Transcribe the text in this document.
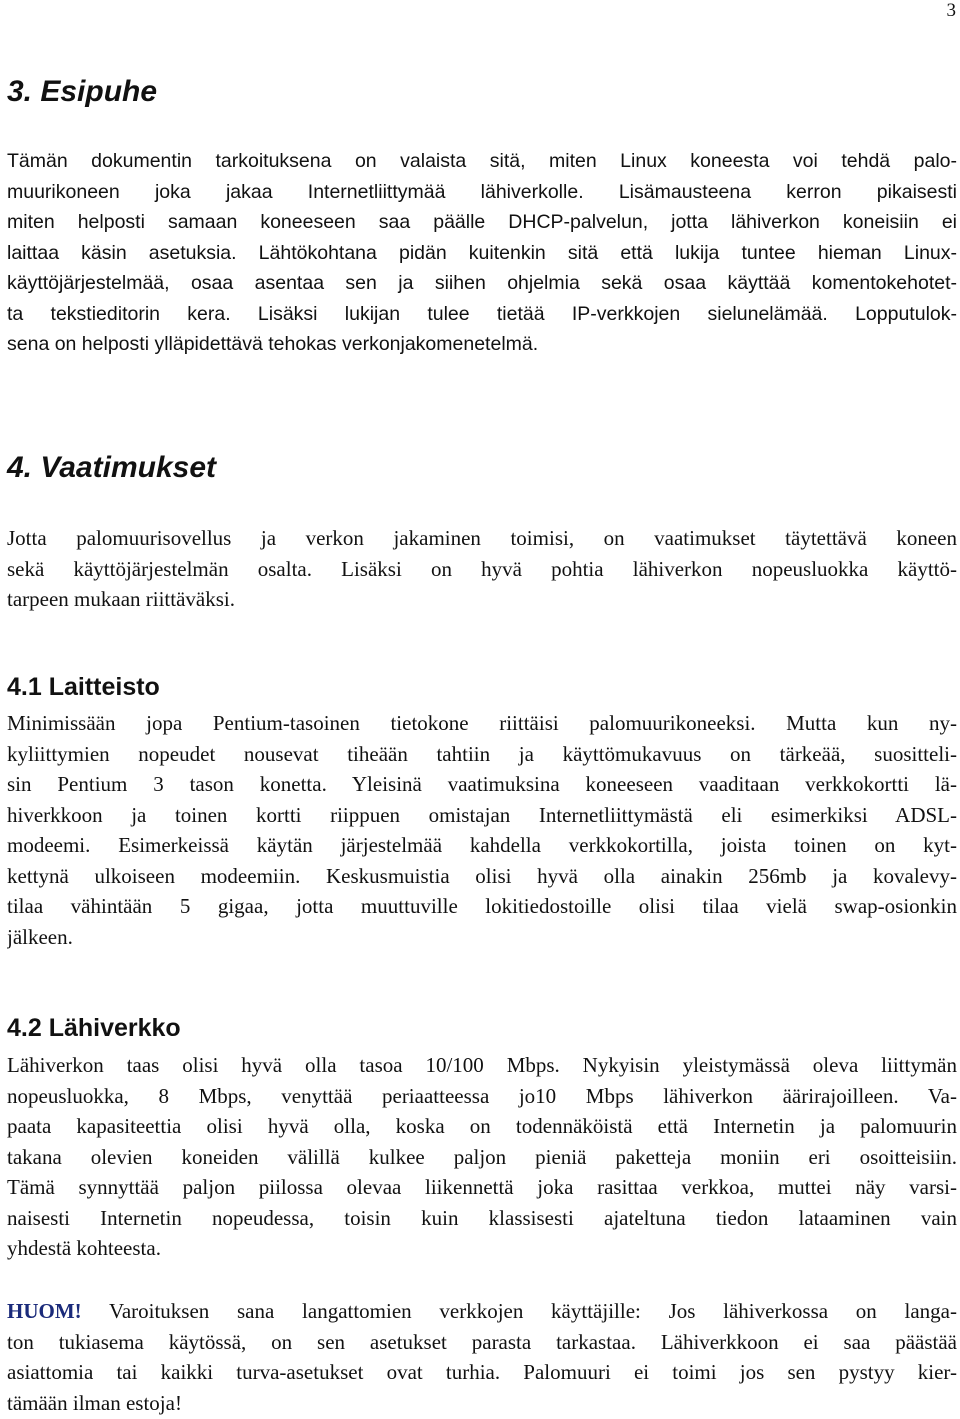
3
3. Esipuhe
Tämän dokumentin tarkoituksena on valaista sitä, miten Linux koneesta voi tehdä palo-
muurikoneen joka jakaa Internetliittymää lähiverkolle. Lisämausteena kerron pikaisesti
miten helposti samaan koneeseen saa päälle DHCP-palvelun, jotta lähiverkon koneisiin ei
laittaa käsin asetuksia. Lähtökohtana pidän kuitenkin sitä että lukija tuntee hieman Linux-
käyttöjärjestelmää, osaa asentaa sen ja siihen ohjelmia sekä osaa käyttää komentokehotet-
ta tekstieditorin kera. Lisäksi lukijan tulee tietää IP-verkkojen sielunelämää. Lopputulok-
sena on helposti ylläpidettävä tehokas verkonjakomenetelmä.
4. Vaatimukset
Jotta palomuurisovellus ja verkon jakaminen toimisi, on vaatimukset täytettävä koneen
sekä käyttöjärjestelmän osalta. Lisäksi on hyvä pohtia lähiverkon nopeusluokka käyttö-
tarpeen mukaan riittäväksi.
4.1 Laitteisto
Minimissään jopa Pentium-tasoinen tietokone riittäisi palomuurikoneeksi. Mutta kun ny-
kyliittymien nopeudet nousevat tiheään tahtiin ja käyttömukavuus on tärkeää, suositteli-
sin Pentium 3 tason konetta. Yleisinä vaatimuksina koneeseen vaaditaan verkkokortti lä-
hiverkkoon ja toinen kortti riippuen omistajan Internetliittymästä eli esimerkiksi ADSL-
modeemi. Esimerkeissä käytän järjestelmää kahdella verkkokortilla, joista toinen on kyt-
kettynä ulkoiseen modeemiin. Keskusmuistia olisi hyvä olla ainakin 256mb ja kovalevy-
tilaa vähintään 5 gigaa, jotta muuttuville lokitiedostoille olisi tilaa vielä swap-osionkin
jälkeen.
4.2 Lähiverkko
Lähiverkon taas olisi hyvä olla tasoa 10/100 Mbps. Nykyisin yleistymässä oleva liittymän
nopeusluokka, 8 Mbps, venyttää periaatteessa jo10 Mbps lähiverkon äärirajoilleen. Va-
paata kapasiteettia olisi hyvä olla, koska on todennäköistä että Internetin ja palomuurin
takana olevien koneiden välillä kulkee paljon pieniä paketteja moniin eri osoitteisiin.
Tämä synnyttää paljon piilossa olevaa liikennettä joka rasittaa verkkoa, muttei näy varsi-
naisesti Internetin nopeudessa, toisin kuin klassisesti ajateltuna tiedon lataaminen vain
yhdestä kohteesta.
HUOM! Varoituksen sana langattomien verkkojen käyttäjille: Jos lähiverkossa on langa-
ton tukiasema käytössä, on sen asetukset parasta tarkastaa. Lähiverkkoon ei saa päästää
asiattomia tai kaikki turva-asetukset ovat turhia. Palomuuri ei toimi jos sen pystyy kier-
tämään ilman estoja!
